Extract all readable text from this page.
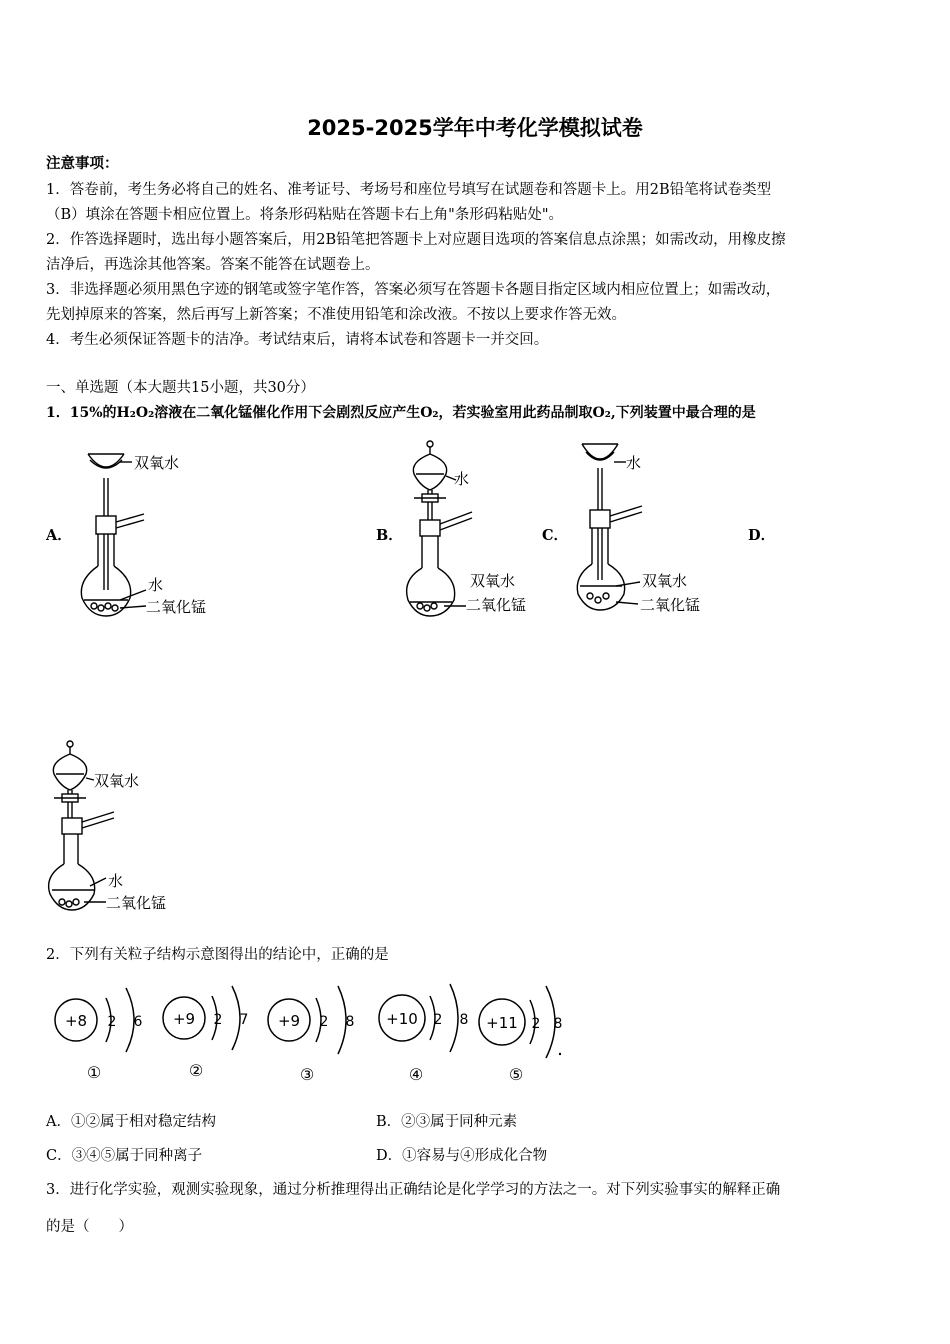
2025-2025学年中考化学模拟试卷
注意事项：
1．答卷前，考生务必将自己的姓名、准考证号、考场号和座位号填写在试题卷和答题卡上。用2B铅笔将试卷类型
（B）填涂在答题卡相应位置上。将条形码粘贴在答题卡右上角"条形码粘贴处"。
2．作答选择题时，选出每小题答案后，用2B铅笔把答题卡上对应题目选项的答案信息点涂黑；如需改动，用橡皮擦
洁净后，再选涂其他答案。答案不能答在试题卷上。
3．非选择题必须用黑色字迹的钢笔或签字笔作答，答案必须写在答题卡各题目指定区域内相应位置上；如需改动，
先划掉原来的答案，然后再写上新答案；不准使用铅笔和涂改液。不按以上要求作答无效。
4．考生必须保证答题卡的洁净。考试结束后，请将本试卷和答题卡一并交回。
一、单选题（本大题共15小题，共30分）
1．15%的H₂O₂溶液在二氧化锰催化作用下会剧烈反应产生O₂，若实验室用此药品制取O₂,下列装置中最合理的是
A．	B．	C．	D．
双氧水
水
二氧化锰
水
双氧水
二氧化锰
水
双氧水
二氧化锰
双氧水
水
二氧化锰
2．下列有关粒子结构示意图得出的结论中，正确的是
+8 2 6
①
+9 2 7
②
+9 2 8
③
+10 2 8
④
+11 2 8
⑤
A．①②属于相对稳定结构	B．②③属于同种元素
C．③④⑤属于同种离子	D．①容易与④形成化合物
3．进行化学实验，观测实验现象，通过分析推理得出正确结论是化学学习的方法之一。对下列实验事实的解释正确
的是（　　）
